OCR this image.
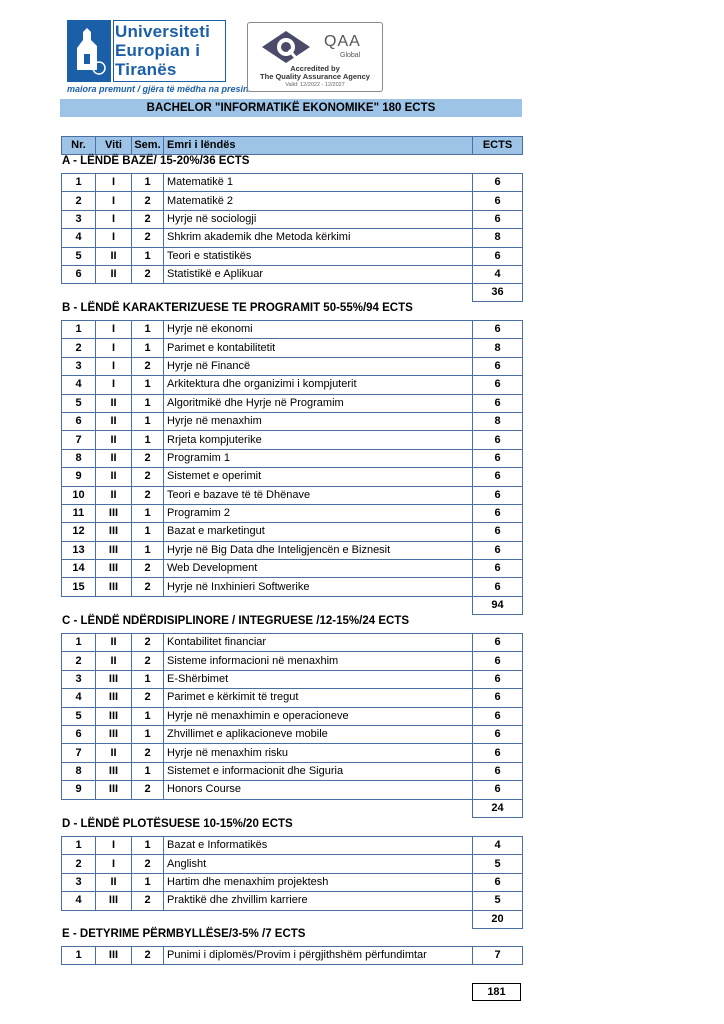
Universiteti
Europian i
Tiranës
maiora premunt / gjëra të mëdha na presin
QAA
Global
Accredited by
The Quality Assurance Agency
Valid: 12/2022 - 12/2027
BACHELOR "INFORMATIKË EKONOMIKE" 180 ECTS
Nr.	Viti	Sem.	Emri i lëndës	ECTS
A - LËNDË BAZË/ 15-20%/36 ECTS
1	I	1	Matematikë 1	6
2	I	2	Matematikë 2	6
3	I	2	Hyrje në sociologji	6
4	I	2	Shkrim akademik dhe Metoda kërkimi	8
5	II	1	Teori e statistikës	6
6	II	2	Statistikë e Aplikuar	4
				36
B - LËNDË KARAKTERIZUESE TE PROGRAMIT 50-55%/94 ECTS
1	I	1	Hyrje në ekonomi	6
2	I	1	Parimet e kontabilitetit	8
3	I	2	Hyrje në Financë	6
4	I	1	Arkitektura dhe organizimi i kompjuterit	6
5	II	1	Algoritmikë dhe Hyrje në Programim	6
6	II	1	Hyrje në menaxhim	8
7	II	1	Rrjeta kompjuterike	6
8	II	2	Programim 1	6
9	II	2	Sistemet e operimit	6
10	II	2	Teori e bazave të të Dhënave	6
11	III	1	Programim 2	6
12	III	1	Bazat e marketingut	6
13	III	1	Hyrje në Big Data dhe Inteligjencën e Biznesit	6
14	III	2	Web Development	6
15	III	2	Hyrje në Inxhinieri Softwerike	6
				94
C - LËNDË NDËRDISIPLINORE / INTEGRUESE /12-15%/24 ECTS
1	II	2	Kontabilitet financiar	6
2	II	2	Sisteme informacioni në menaxhim	6
3	III	1	E-Shërbimet	6
4	III	2	Parimet e kërkimit të tregut	6
5	III	1	Hyrje në menaxhimin e operacioneve	6
6	III	1	Zhvillimet e aplikacioneve mobile	6
7	II	2	Hyrje në menaxhim risku	6
8	III	1	Sistemet e informacionit dhe Siguria	6
9	III	2	Honors Course	6
				24
D - LËNDË PLOTËSUESE 10-15%/20 ECTS
1	I	1	Bazat e Informatikës	4
2	I	2	Anglisht	5
3	II	1	Hartim dhe menaxhim projektesh	6
4	III	2	Praktikë dhe zhvillim karriere	5
				20
E - DETYRIME PËRMBYLLËSE/3-5% /7 ECTS
1	III	2	Punimi i diplomës/Provim i përgjithshëm përfundimtar	7
181
